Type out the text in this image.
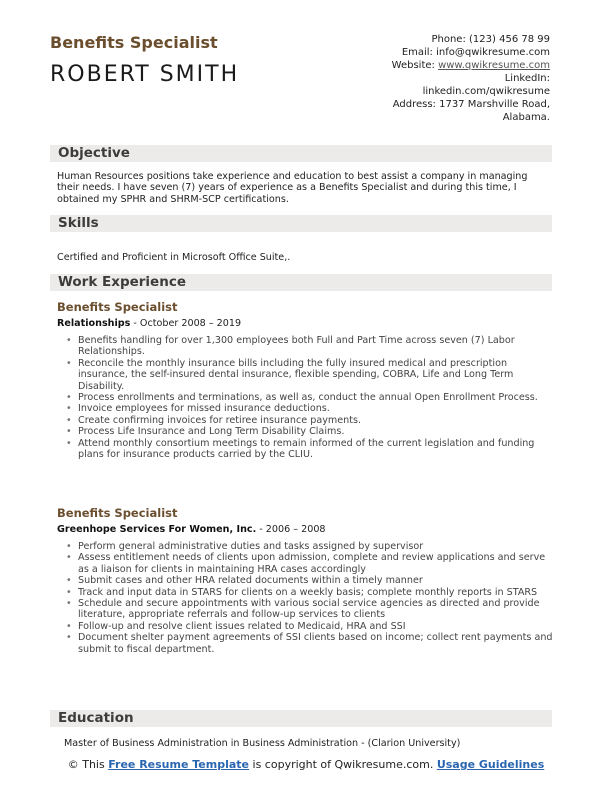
Benefits Specialist
ROBERT SMITH
Phone: (123) 456 78 99
Email: info@qwikresume.com
Website: www.qwikresume.com
LinkedIn:
linkedin.com/qwikresume
Address: 1737 Marshville Road,
Alabama.
Objective
Human Resources positions take experience and education to best assist a company in managing their needs. I have seven (7) years of experience as a Benefits Specialist and during this time, I obtained my SPHR and SHRM-SCP certifications.
Skills
Certified and Proficient in Microsoft Office Suite,.
Work Experience
Benefits Specialist
Relationships - October 2008 – 2019
• Benefits handling for over 1,300 employees both Full and Part Time across seven (7) Labor Relationships.
• Reconcile the monthly insurance bills including the fully insured medical and prescription insurance, the self-insured dental insurance, flexible spending, COBRA, Life and Long Term Disability.
• Process enrollments and terminations, as well as, conduct the annual Open Enrollment Process.
• Invoice employees for missed insurance deductions.
• Create confirming invoices for retiree insurance payments.
• Process Life Insurance and Long Term Disability Claims.
• Attend monthly consortium meetings to remain informed of the current legislation and funding plans for insurance products carried by the CLIU.
Benefits Specialist
Greenhope Services For Women, Inc. - 2006 – 2008
• Perform general administrative duties and tasks assigned by supervisor
• Assess entitlement needs of clients upon admission, complete and review applications and serve as a liaison for clients in maintaining HRA cases accordingly
• Submit cases and other HRA related documents within a timely manner
• Track and input data in STARS for clients on a weekly basis; complete monthly reports in STARS
• Schedule and secure appointments with various social service agencies as directed and provide literature, appropriate referrals and follow-up services to clients
• Follow-up and resolve client issues related to Medicaid, HRA and SSI
• Document shelter payment agreements of SSI clients based on income; collect rent payments and submit to fiscal department.
Education
Master of Business Administration in Business Administration - (Clarion University)
© This Free Resume Template is copyright of Qwikresume.com. Usage Guidelines
